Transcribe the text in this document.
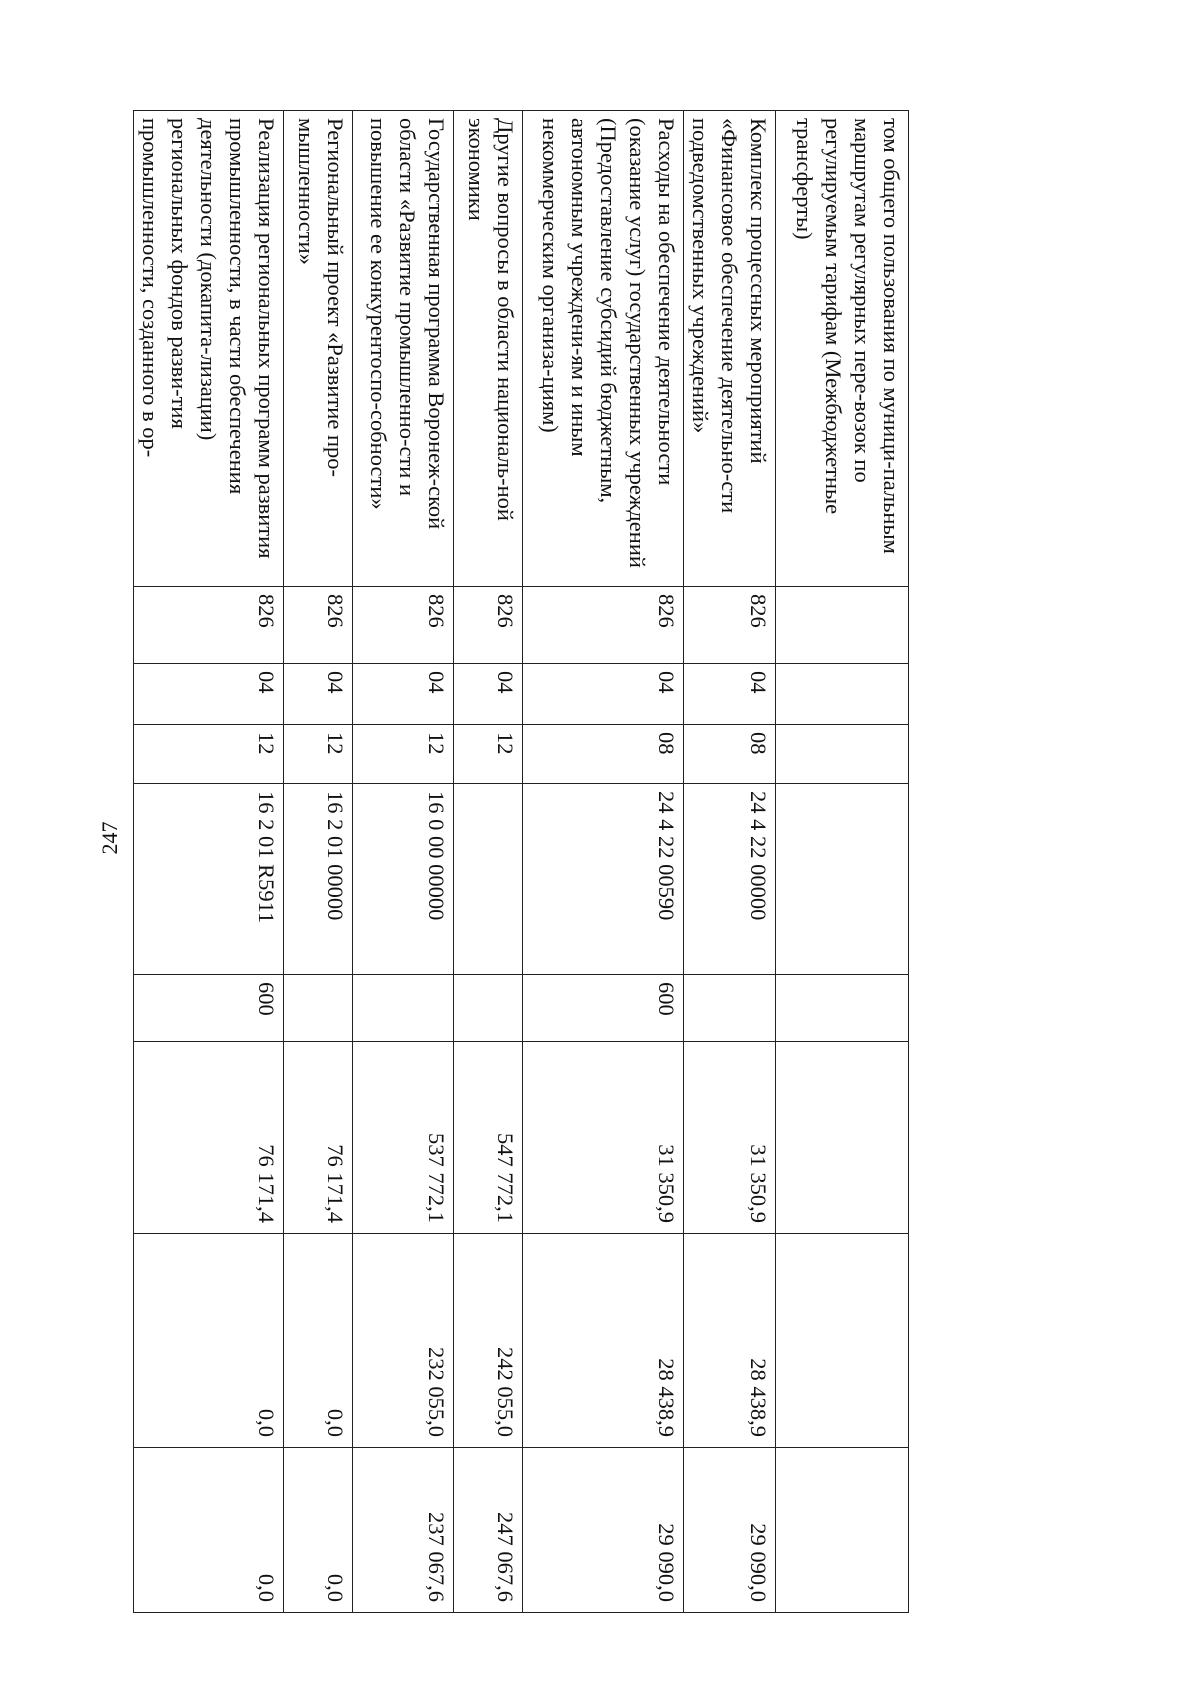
247
том общего пользования по муници-пальным маршрутам регулярных пере-возок по регулируемым тарифам (Межбюджетные трансферты)								
Комплекс процессных мероприятий «Финансовое обеспечение деятельно-сти подведомственных учреждений»	826	04	08	24 4 22 00000		31 350,9	28 438,9	29 090,0
Расходы на обеспечение деятельности (оказание услуг) государственных учреждений (Предоставление субсидий бюджетным, автономным учреждени-ям и иным некоммерческим организа-циям)	826	04	08	24 4 22 00590	600	31 350,9	28 438,9	29 090,0
Другие вопросы в области националь-ной экономики	826	04	12			547 772,1	242 055,0	247 067,6
Государственная программа Воронеж-ской области «Развитие промышленно-сти и повышение ее конкурентоспо-собности»	826	04	12	16 0 00 00000		537 772,1	232 055,0	237 067,6
Региональный проект «Развитие про-мышленности»	826	04	12	16 2 01 00000		76 171,4	0,0	0,0
Реализация региональных программ развития промышленности, в части обеспечения деятельности (докапита-лизации) региональных фондов разви-тия промышленности, созданного в ор-	826	04	12	16 2 01 R5911	600	76 171,4	0,0	0,0
